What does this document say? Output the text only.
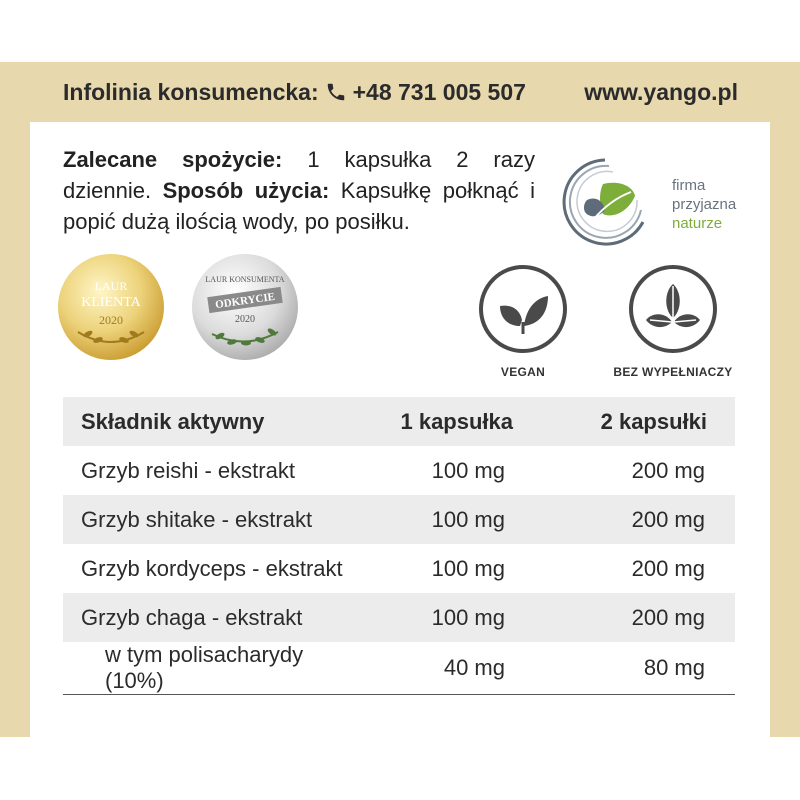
Infolinia konsumencka: +48 731 005 507	www.yango.pl
Zalecane spożycie: 1 kapsułka 2 razy dziennie. Sposób użycia: Kapsułkę połknąć i popić dużą ilością wody, po posiłku.
firma
przyjazna
naturze
LAUR
KLIENTA
2020
LAUR KONSUMENTA
ODKRYCIE
2020
VEGAN	BEZ WYPEŁNIACZY
Składnik aktywny	1 kapsułka	2 kapsułki
Grzyb reishi - ekstrakt	100 mg	200 mg
Grzyb shitake - ekstrakt	100 mg	200 mg
Grzyb kordyceps - ekstrakt	100 mg	200 mg
Grzyb chaga - ekstrakt	100 mg	200 mg
w tym polisacharydy (10%)	40 mg	80 mg
